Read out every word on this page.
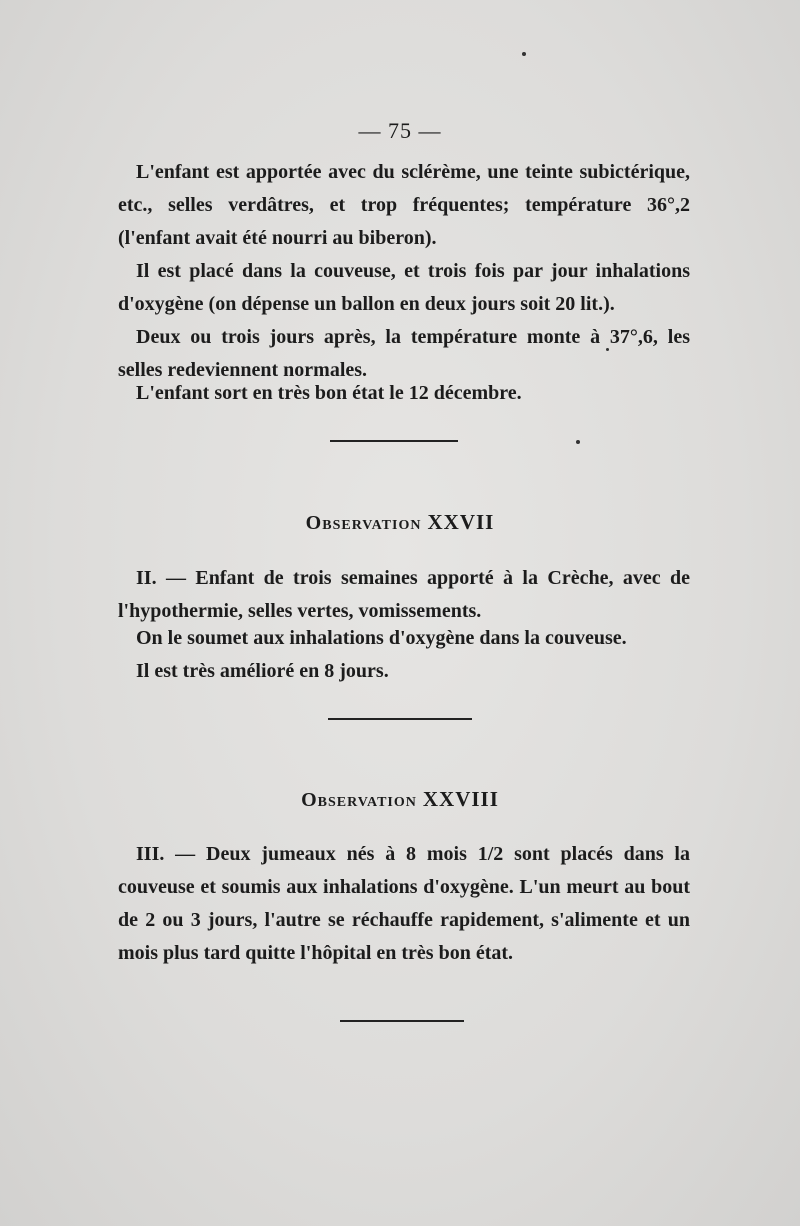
— 75 —

L'enfant est apportée avec du sclérème, une teinte subictérique, etc., selles verdâtres, et trop fréquentes; température 36°,2 (l'enfant avait été nourri au biberon).

Il est placé dans la couveuse, et trois fois par jour inhalations d'oxygène (on dépense un ballon en deux jours soit 20 lit.).

Deux ou trois jours après, la température monte à 37°,6, les selles redeviennent normales.

L'enfant sort en très bon état le 12 décembre.

Observation XXVII

II. — Enfant de trois semaines apporté à la Crèche, avec de l'hypothermie, selles vertes, vomissements.

On le soumet aux inhalations d'oxygène dans la couveuse.

Il est très amélioré en 8 jours.

Observation XXVIII

III. — Deux jumeaux nés à 8 mois 1/2 sont placés dans la couveuse et soumis aux inhalations d'oxygène. L'un meurt au bout de 2 ou 3 jours, l'autre se réchauffe rapidement, s'alimente et un mois plus tard quitte l'hôpital en très bon état.
